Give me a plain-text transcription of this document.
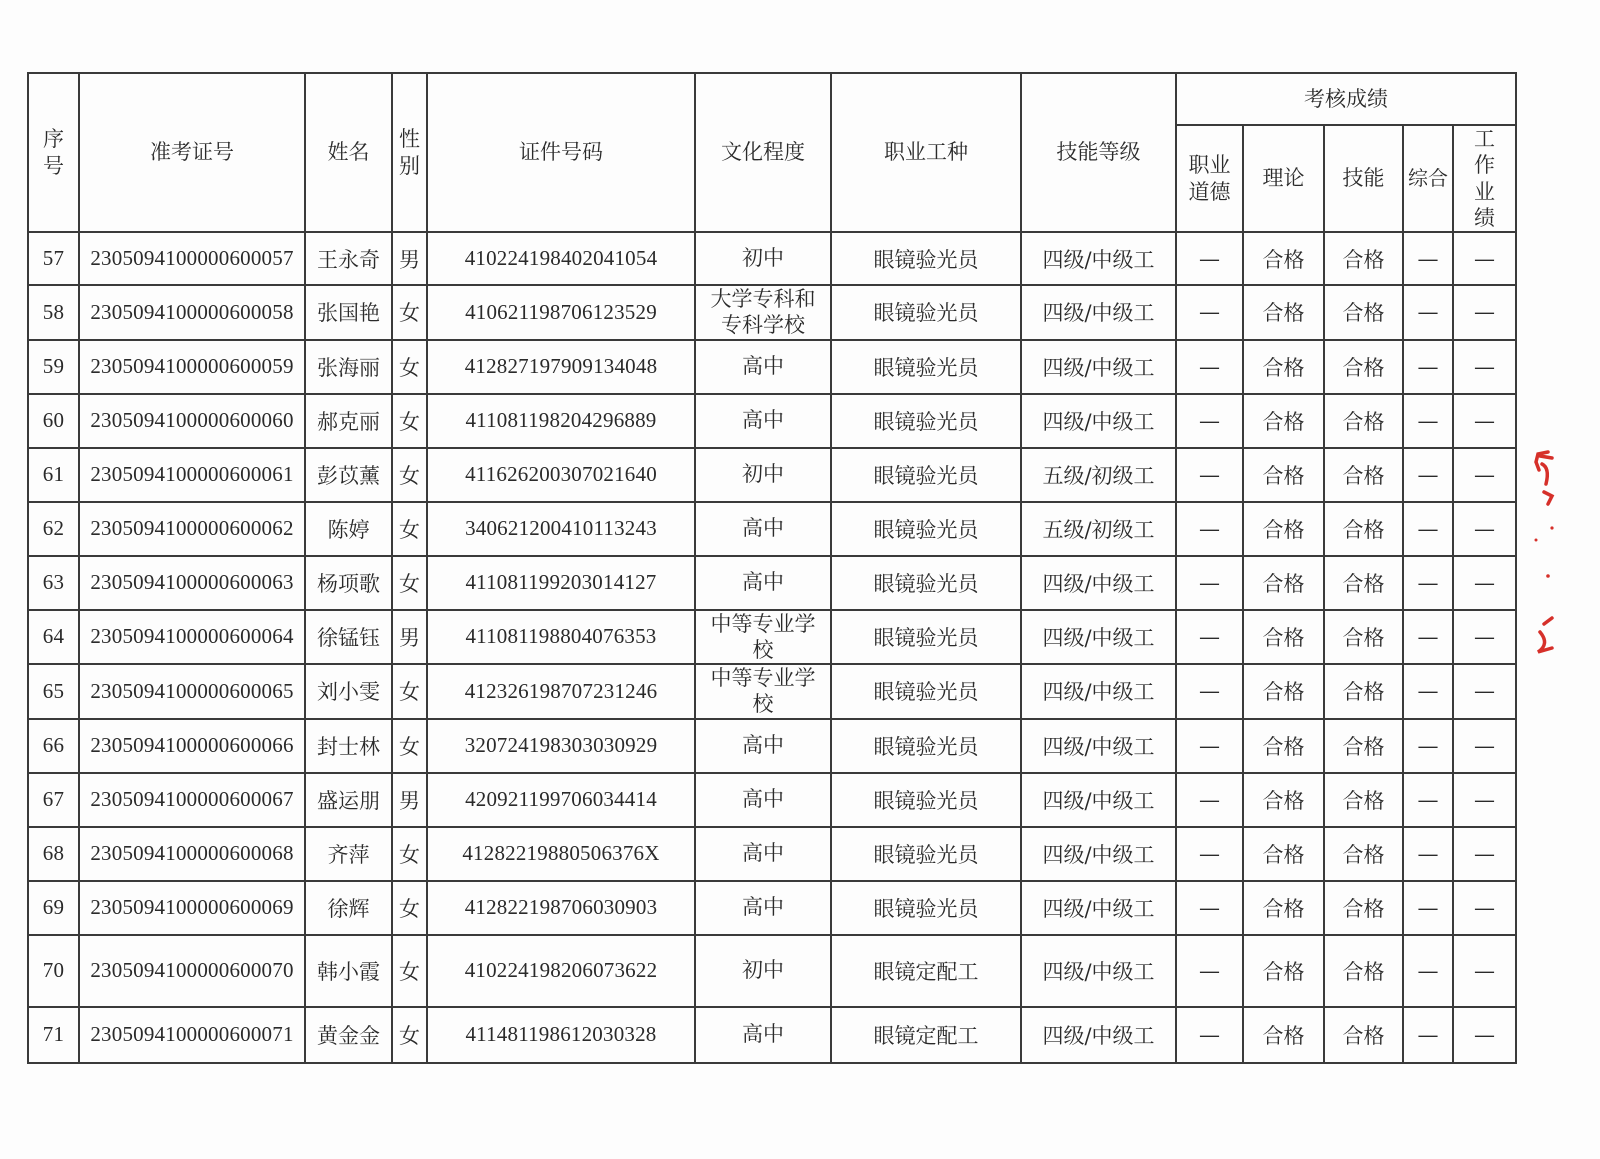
序号	准考证号	姓名	性别	证件号码	文化程度	职业工种	技能等级	考核成绩				
								职业道德	理论	技能	综合	工作业绩
57	2305094100000600057	王永奇	男	410224198402041054	初中	眼镜验光员	四级/中级工	—	合格	合格	—	—
58	2305094100000600058	张国艳	女	410621198706123529	大学专科和专科学校	眼镜验光员	四级/中级工	—	合格	合格	—	—
59	2305094100000600059	张海丽	女	412827197909134048	高中	眼镜验光员	四级/中级工	—	合格	合格	—	—
60	2305094100000600060	郝克丽	女	411081198204296889	高中	眼镜验光员	四级/中级工	—	合格	合格	—	—
61	2305094100000600061	彭苡薰	女	411626200307021640	初中	眼镜验光员	五级/初级工	—	合格	合格	—	—
62	2305094100000600062	陈婷	女	340621200410113243	高中	眼镜验光员	五级/初级工	—	合格	合格	—	—
63	2305094100000600063	杨项歌	女	411081199203014127	高中	眼镜验光员	四级/中级工	—	合格	合格	—	—
64	2305094100000600064	徐锰钰	男	411081198804076353	中等专业学校	眼镜验光员	四级/中级工	—	合格	合格	—	—
65	2305094100000600065	刘小雯	女	412326198707231246	中等专业学校	眼镜验光员	四级/中级工	—	合格	合格	—	—
66	2305094100000600066	封士林	女	320724198303030929	高中	眼镜验光员	四级/中级工	—	合格	合格	—	—
67	2305094100000600067	盛运朋	男	420921199706034414	高中	眼镜验光员	四级/中级工	—	合格	合格	—	—
68	2305094100000600068	齐萍	女	41282219880506376X	高中	眼镜验光员	四级/中级工	—	合格	合格	—	—
69	2305094100000600069	徐辉	女	412822198706030903	高中	眼镜验光员	四级/中级工	—	合格	合格	—	—
70	2305094100000600070	韩小霞	女	410224198206073622	初中	眼镜定配工	四级/中级工	—	合格	合格	—	—
71	2305094100000600071	黄金金	女	411481198612030328	高中	眼镜定配工	四级/中级工	—	合格	合格	—	—
